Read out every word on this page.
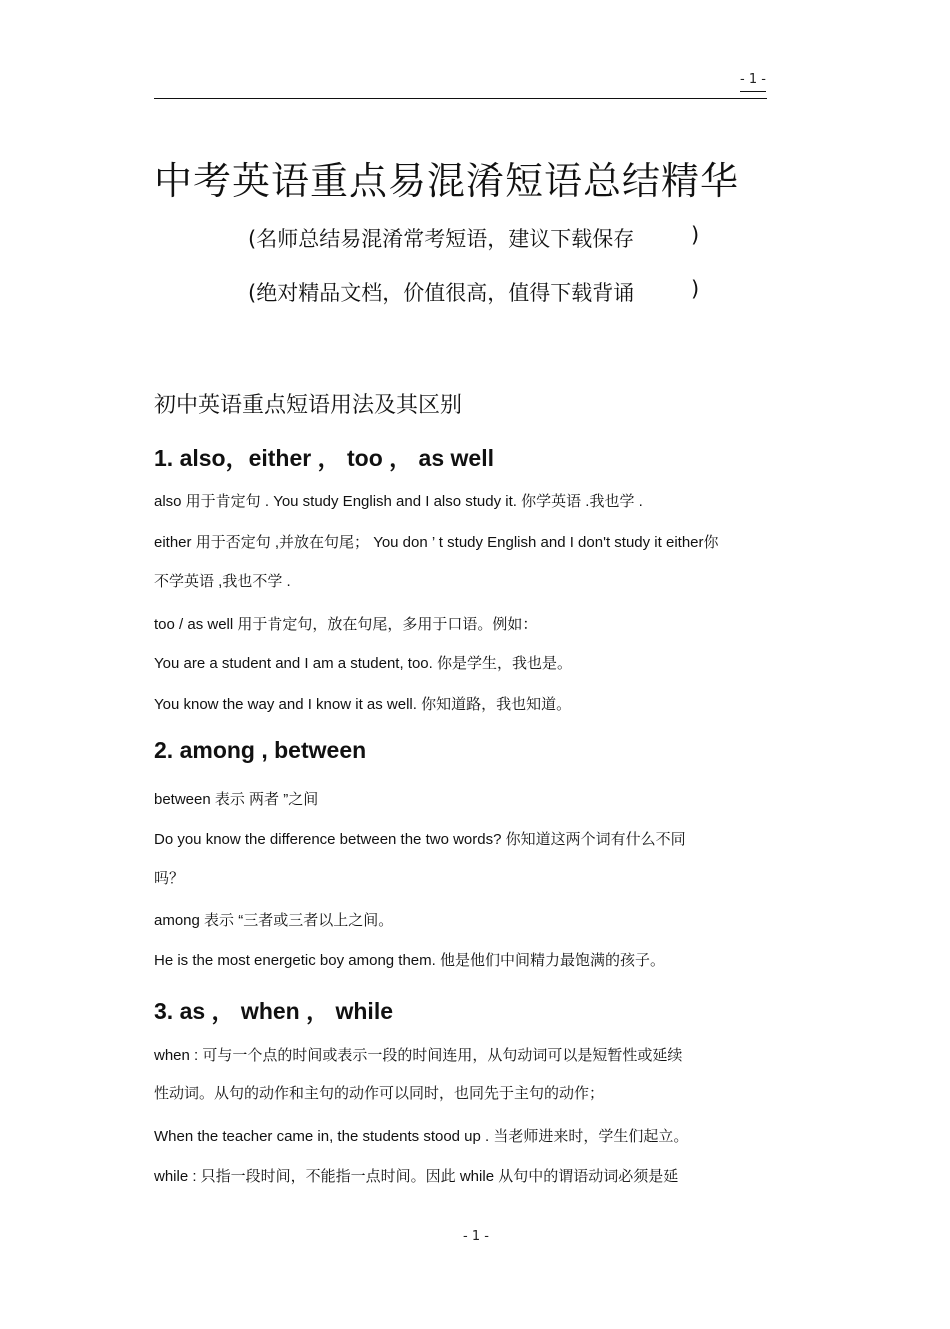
- 1 -
中考英语重点易混淆短语总结精华
(名师总结易混淆常考短语，建议下载保存	)
(绝对精品文档，价值很高，值得下载背诵	)
初中英语重点短语用法及其区别
1. also，either ， too ， as well
also 用于肯定句 . You study English and I also study it. 你学英语 .我也学 .
either 用于否定句 ,并放在句尾； You don ’ t study English and I don't study it either你
不学英语 ,我也不学 .
too / as well 用于肯定句，放在句尾，多用于口语。例如：
You are a student and I am a student, too. 你是学生，我也是。
You know the way and I know it as well. 你知道路，我也知道。
2. among , between
between 表示 两者 ”之间
Do you know the difference between the two words? 你知道这两个词有什么不同
吗？
among 表示 “三者或三者以上之间。
He is the most energetic boy among them. 他是他们中间精力最饱满的孩子。
3. as ， when ， while
when : 可与一个点的时间或表示一段的时间连用，从句动词可以是短暂性或延续
性动词。从句的动作和主句的动作可以同时，也同先于主句的动作；
When the teacher came in, the students stood up . 当老师进来时，学生们起立。
while : 只指一段时间，不能指一点时间。因此 while 从句中的谓语动词必须是延
- 1 -
